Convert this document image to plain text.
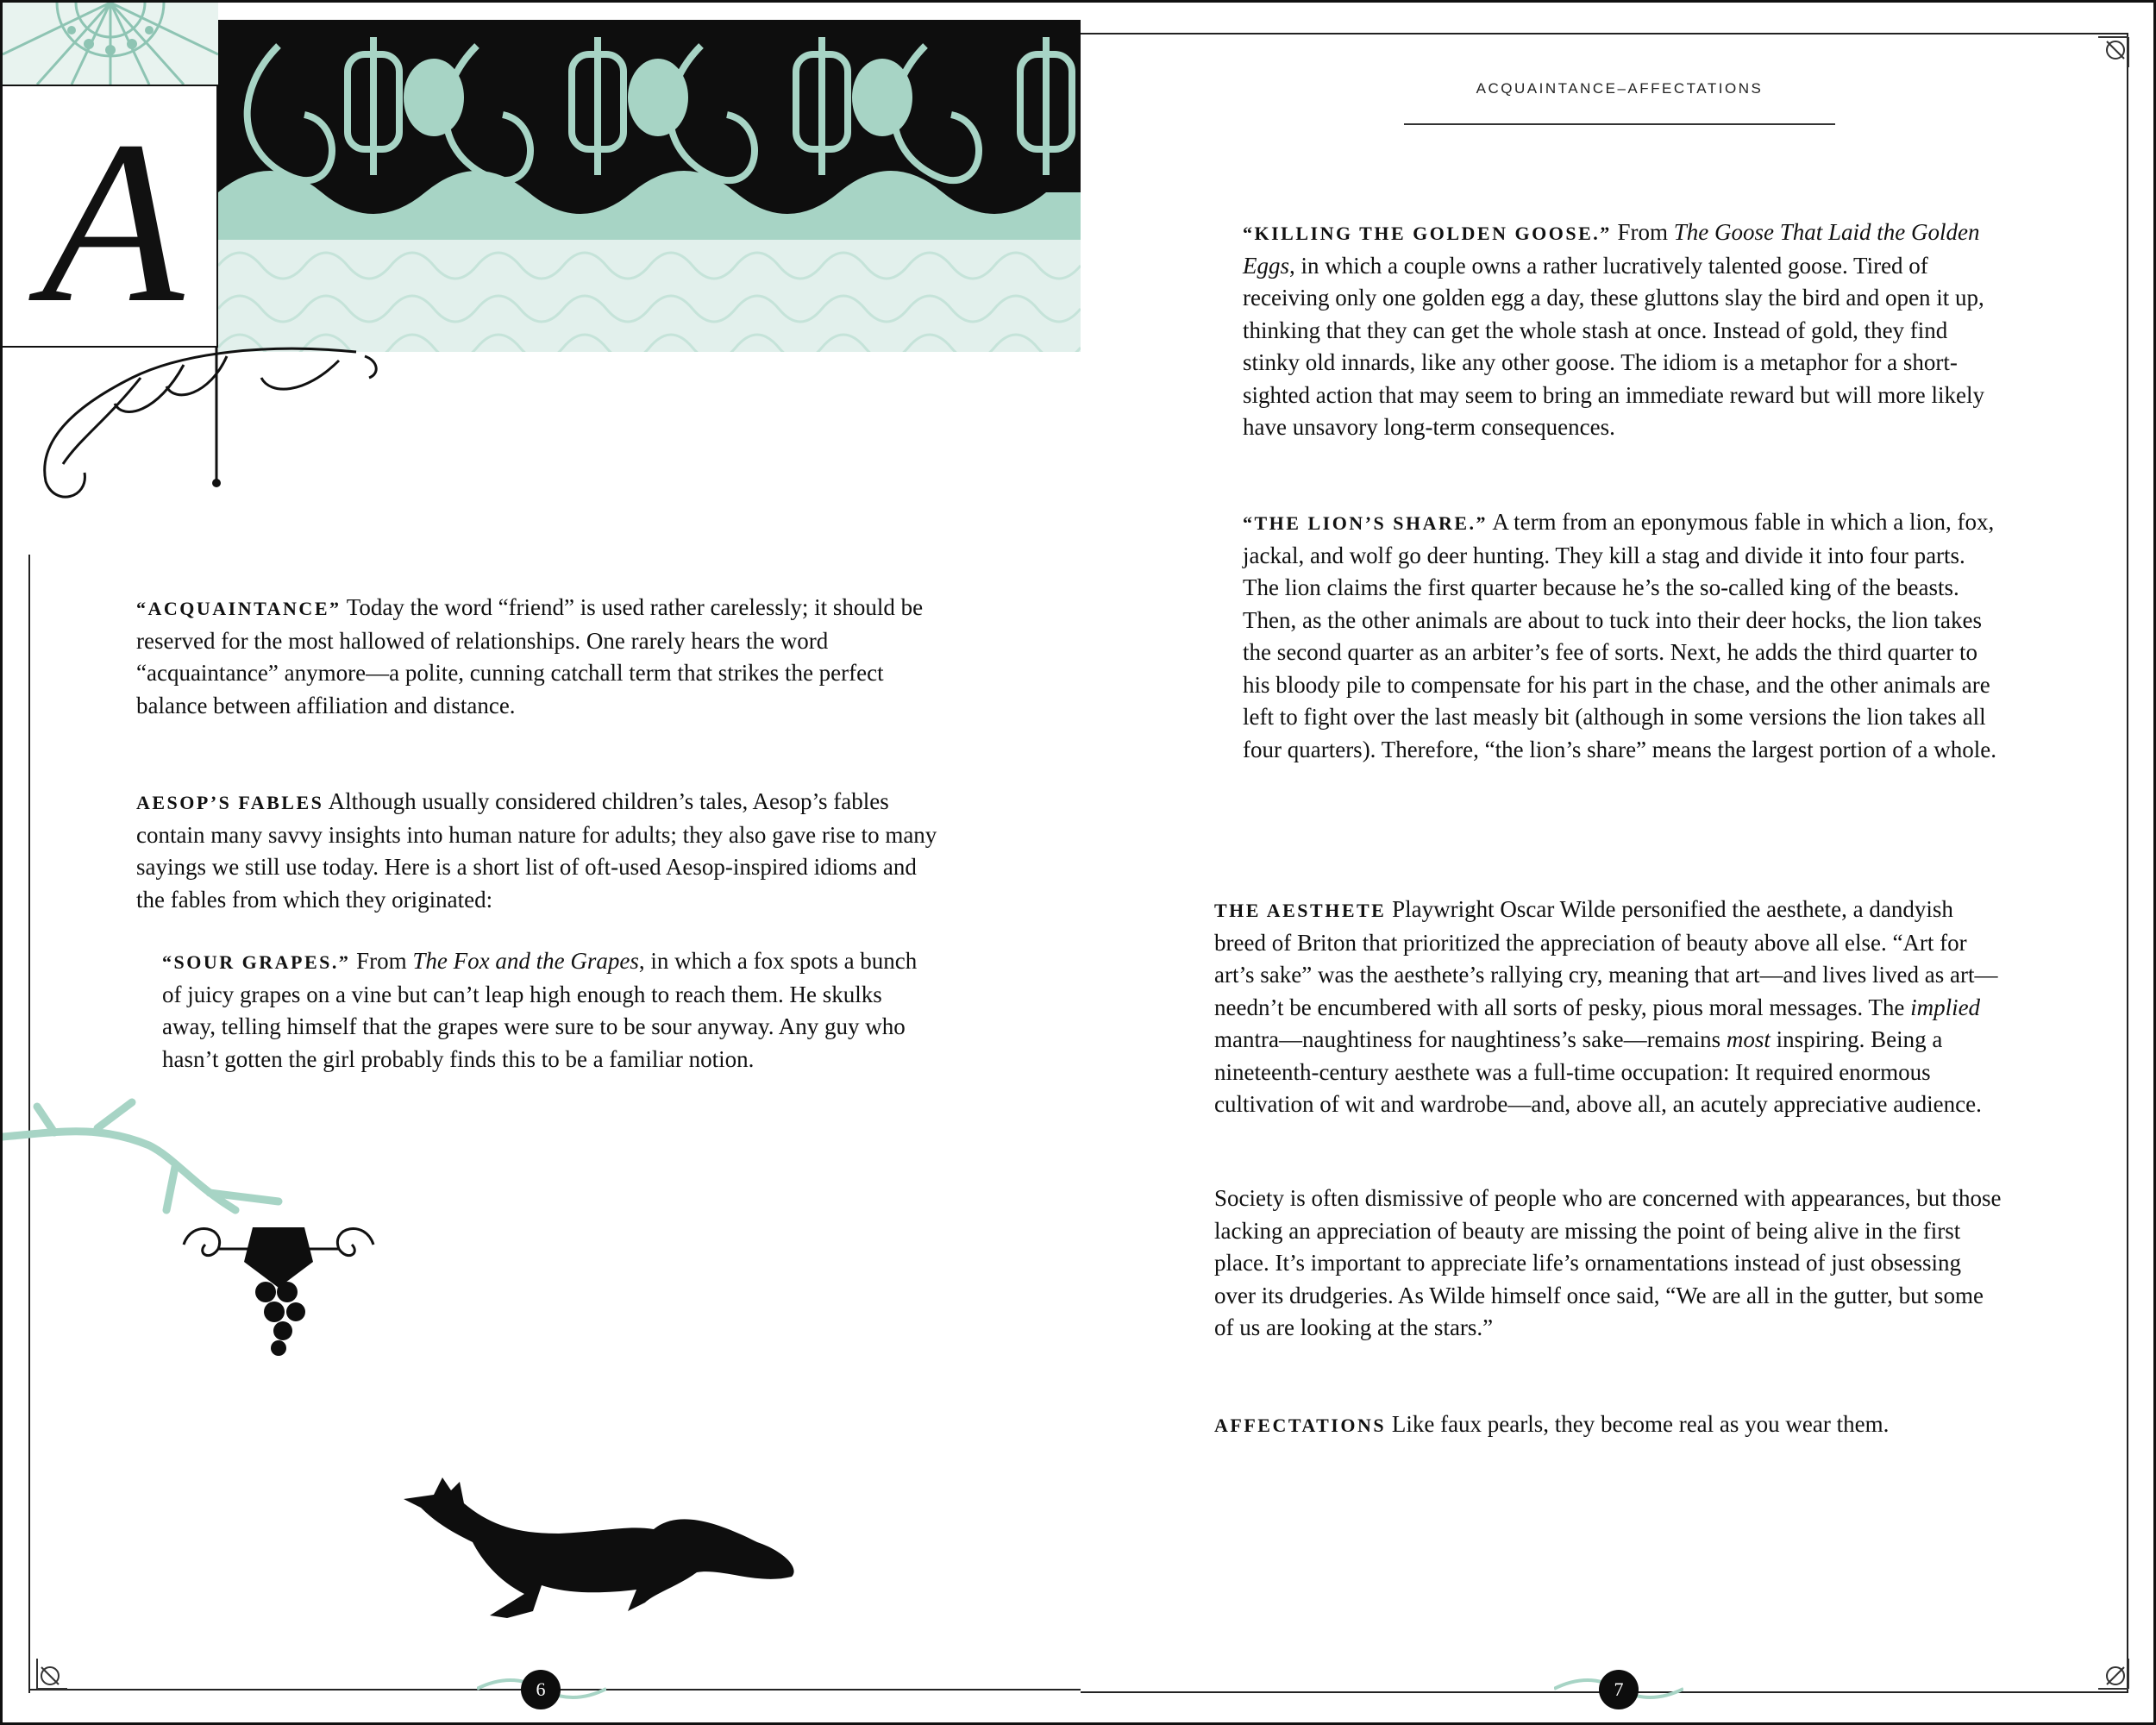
A
“ACQUAINTANCE” Today the word “friend” is used rather carelessly; it should be reserved for the most hallowed of relationships. One rarely hears the word “acquaintance” anymore—a polite, cunning catchall term that strikes the perfect balance between affiliation and distance.
AESOP’S FABLES Although usually considered children’s tales, Aesop’s fables contain many savvy insights into human nature for adults; they also gave rise to many sayings we still use today. Here is a short list of oft-used Aesop-inspired idioms and the fables from which they originated:
“SOUR GRAPES.” From The Fox and the Grapes, in which a fox spots a bunch of juicy grapes on a vine but can’t leap high enough to reach them. He skulks away, telling himself that the grapes were sure to be sour anyway. Any guy who hasn’t gotten the girl probably finds this to be a familiar notion.
6
ACQUAINTANCE–AFFECTATIONS
“KILLING THE GOLDEN GOOSE.” From The Goose That Laid the Golden Eggs, in which a couple owns a rather lucratively talented goose. Tired of receiving only one golden egg a day, these gluttons slay the bird and open it up, thinking that they can get the whole stash at once. Instead of gold, they find stinky old innards, like any other goose. The idiom is a metaphor for a short-sighted action that may seem to bring an immediate reward but will more likely have unsavory long-term consequences.
“THE LION’S SHARE.” A term from an eponymous fable in which a lion, fox, jackal, and wolf go deer hunting. They kill a stag and divide it into four parts. The lion claims the first quarter because he’s the so-called king of the beasts. Then, as the other animals are about to tuck into their deer hocks, the lion takes the second quarter as an arbiter’s fee of sorts. Next, he adds the third quarter to his bloody pile to compensate for his part in the chase, and the other animals are left to fight over the last measly bit (although in some versions the lion takes all four quarters). Therefore, “the lion’s share” means the largest portion of a whole.
THE AESTHETE Playwright Oscar Wilde personified the aesthete, a dandyish breed of Briton that prioritized the appreciation of beauty above all else. “Art for art’s sake” was the aesthete’s rallying cry, meaning that art—and lives lived as art—needn’t be encumbered with all sorts of pesky, pious moral messages. The implied mantra—naughtiness for naughtiness’s sake—remains most inspiring. Being a nineteenth-century aesthete was a full-time occupation: It required enormous cultivation of wit and wardrobe—and, above all, an acutely appreciative audience.
Society is often dismissive of people who are concerned with appearances, but those lacking an appreciation of beauty are missing the point of being alive in the first place. It’s important to appreciate life’s ornamentations instead of just obsessing over its drudgeries. As Wilde himself once said, “We are all in the gutter, but some of us are looking at the stars.”
AFFECTATIONS Like faux pearls, they become real as you wear them.
7
